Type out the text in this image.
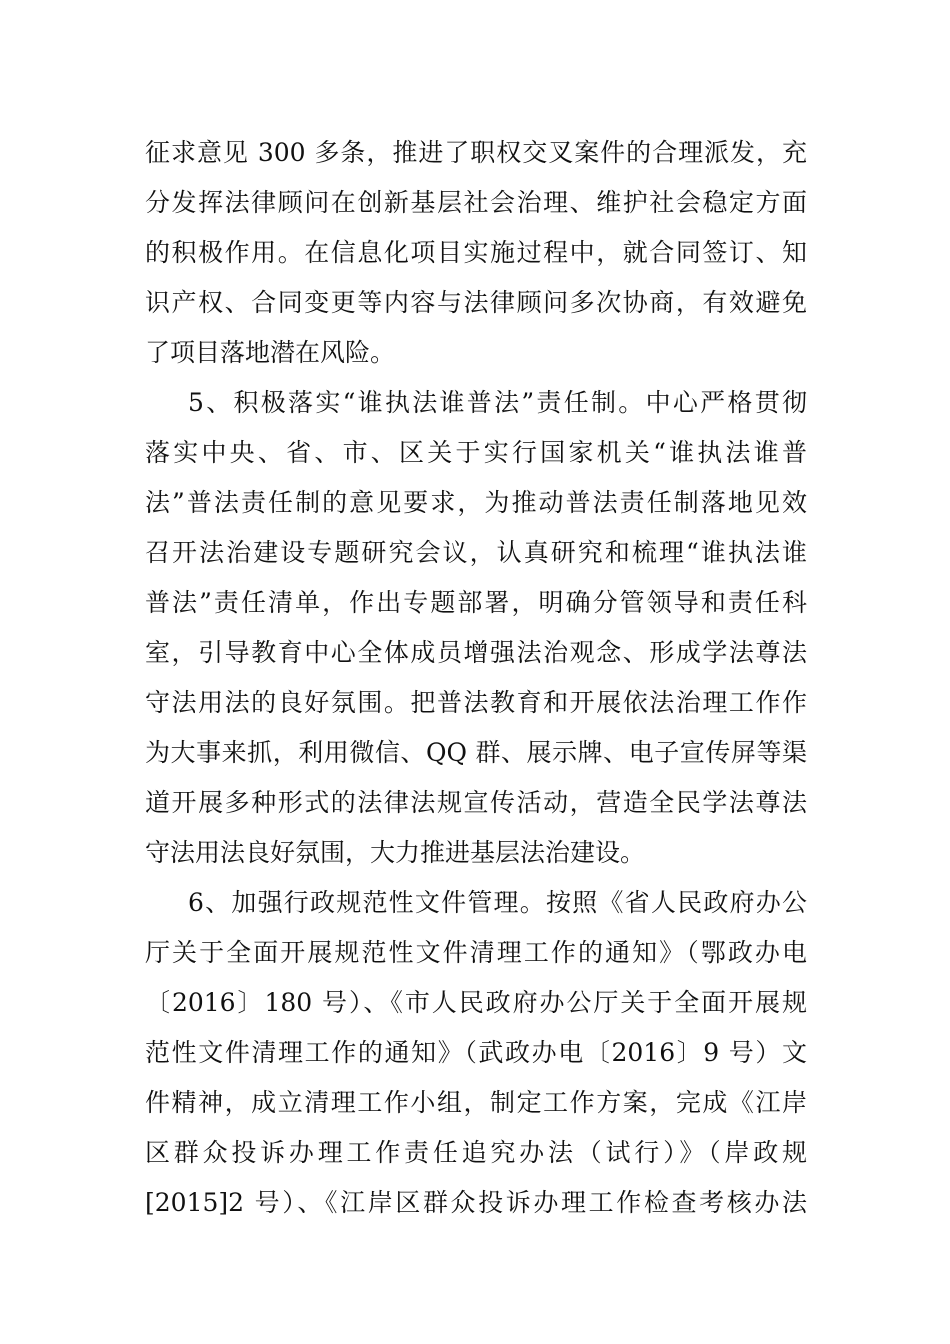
征求意见 300 多条，推进了职权交叉案件的合理派发，充
分发挥法律顾问在创新基层社会治理、维护社会稳定方面
的积极作用。在信息化项目实施过程中，就合同签订、知
识产权、合同变更等内容与法律顾问多次协商，有效避免
了项目落地潜在风险。
5、积极落实“谁执法谁普法”责任制。中心严格贯彻
落实中央、省、市、区关于实行国家机关“谁执法谁普
法”普法责任制的意见要求，为推动普法责任制落地见效
召开法治建设专题研究会议，认真研究和梳理“谁执法谁
普法”责任清单，作出专题部署，明确分管领导和责任科
室，引导教育中心全体成员增强法治观念、形成学法尊法
守法用法的良好氛围。把普法教育和开展依法治理工作作
为大事来抓，利用微信、QQ 群、展示牌、电子宣传屏等渠
道开展多种形式的法律法规宣传活动，营造全民学法尊法
守法用法良好氛围，大力推进基层法治建设。
6、加强行政规范性文件管理。按照《省人民政府办公
厅关于全面开展规范性文件清理工作的通知》（鄂政办电
〔2016〕180 号）、《市人民政府办公厅关于全面开展规
范性文件清理工作的通知》（武政办电〔2016〕9 号）文
件精神，成立清理工作小组，制定工作方案，完成《江岸
区群众投诉办理工作责任追究办法（试行）》（岸政规
[2015]2 号）、《江岸区群众投诉办理工作检查考核办法
